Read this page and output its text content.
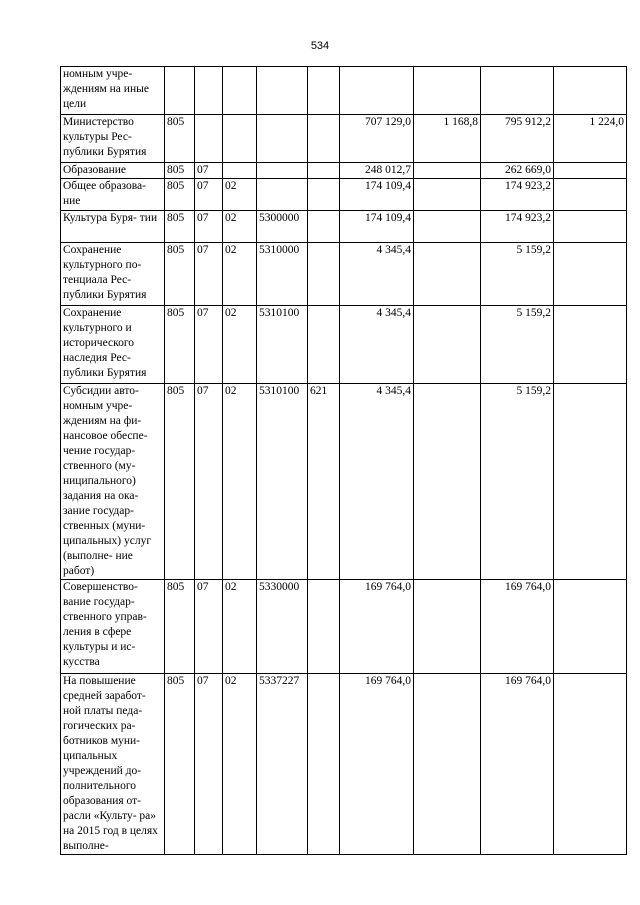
534
номным учре- ждениям на иные цели									
Министерство культуры Рес- публики Бурятия	805					707 129,0	1 168,8	795 912,2	1 224,0
Образование	805	07				248 012,7		262 669,0	
Общее образова- ние	805	07	02			174 109,4		174 923,2	
Культура Буря- тии	805	07	02	5300000		174 109,4		174 923,2	
Сохранение культурного по- тенциала Рес- публики Бурятия	805	07	02	5310000		4 345,4		5 159,2	
Сохранение культурного и исторического наследия Рес- публики Бурятия	805	07	02	5310100		4 345,4		5 159,2	
Субсидии авто- номным учре- ждениям на фи- нансовое обеспе- чение государ- ственного (му- ниципального) задания на ока- зание государ- ственных (муни- ципальных) услуг (выполне- ние работ)	805	07	02	5310100	621	4 345,4		5 159,2	
Совершенство- вание государ- ственного управ- ления в сфере культуры и ис- кусства	805	07	02	5330000		169 764,0		169 764,0	
На повышение средней заработ- ной платы педа- гогических ра- ботников муни- ципальных учреждений до- полнительного образования от- расли «Культу- ра» на 2015 год в целях выполне-	805	07	02	5337227		169 764,0		169 764,0	
